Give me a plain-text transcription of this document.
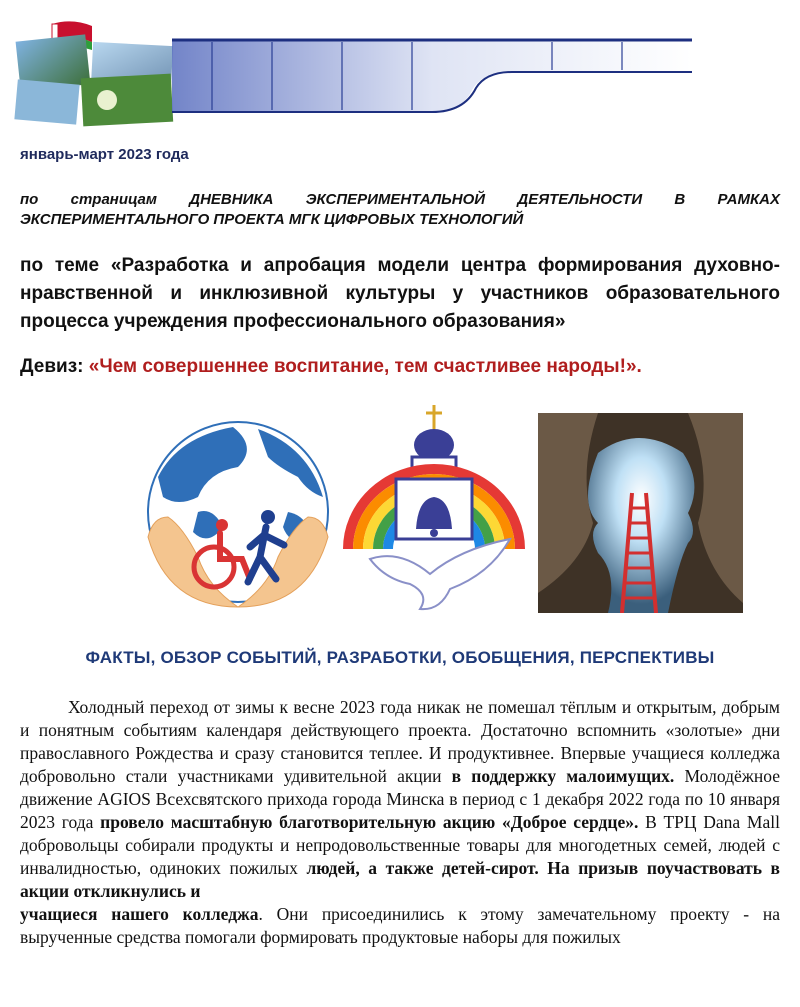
январь-март 2023 года
по страницам ДНЕВНИКА ЭКСПЕРИМЕНТАЛЬНОЙ ДЕЯТЕЛЬНОСТИ В РАМКАХ ЭКСПЕРИМЕНТАЛЬНОГО ПРОЕКТА МГК ЦИФРОВЫХ ТЕХНОЛОГИЙ
по теме «Разработка и апробация модели центра формирования духовно-нравственной и инклюзивной культуры у участников образовательного процесса учреждения профессионального образования»
Девиз: «Чем совершеннее воспитание, тем счастливее народы!».
ФАКТЫ, ОБЗОР СОБЫТИЙ, РАЗРАБОТКИ, ОБОБЩЕНИЯ, ПЕРСПЕКТИВЫ

Холодный переход от зимы к весне 2023 года никак не помешал тёплым и открытым, добрым и понятным событиям календаря действующего проекта. Достаточно вспомнить «золотые» дни православного Рождества и сразу становится теплее. И продуктивнее. Впервые учащиеся колледжа добровольно стали участниками удивительной акции в поддержку малоимущих. Молодёжное движение AGIOS Всехсвятского прихода города Минска в период с 1 декабря 2022 года по 10 января 2023 года провело масштабную благотворительную акцию «Доброе сердце». В ТРЦ Dana Mall добровольцы собирали продукты и непродовольственные товары для многодетных семей, людей с инвалидностью, одиноких пожилых людей, а также детей-сирот. На призыв поучаствовать в акции откликнулись и
учащиеся нашего колледжа. Они присоединились к этому замечательному проекту - на вырученные средства помогали формировать продуктовые наборы для пожилых
